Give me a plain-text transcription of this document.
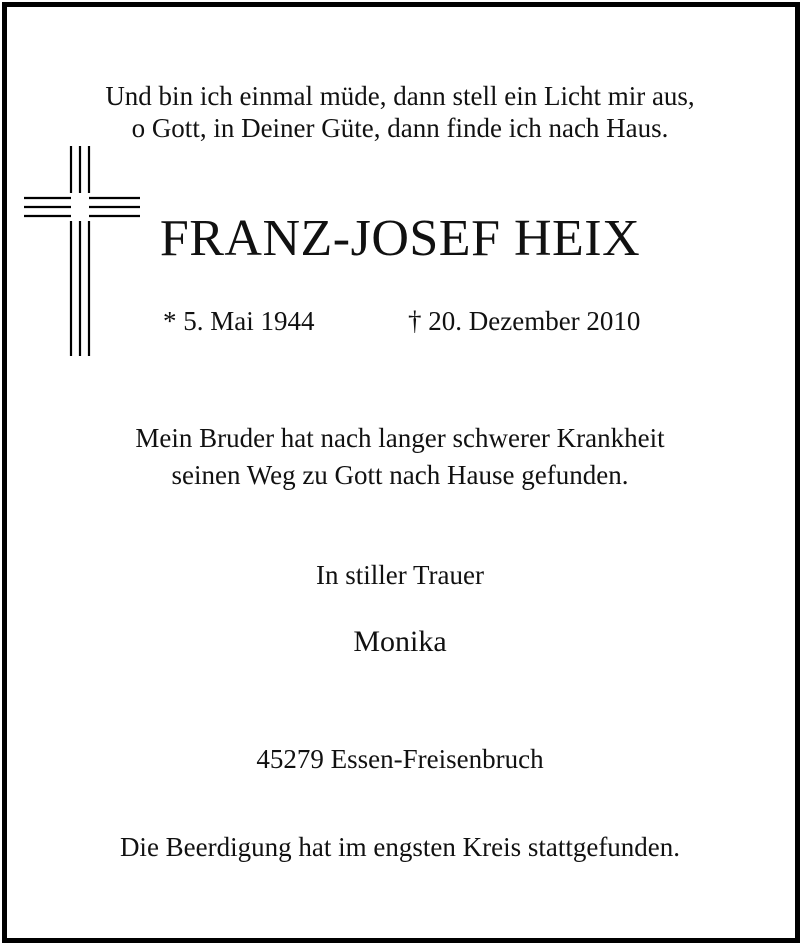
Und bin ich einmal müde, dann stell ein Licht mir aus,
o Gott, in Deiner Güte, dann finde ich nach Haus.
FRANZ-JOSEF HEIX
* 5. Mai 1944	† 20. Dezember 2010
Mein Bruder hat nach langer schwerer Krankheit
seinen Weg zu Gott nach Hause gefunden.
In stiller Trauer
Monika
45279 Essen-Freisenbruch
Die Beerdigung hat im engsten Kreis stattgefunden.
